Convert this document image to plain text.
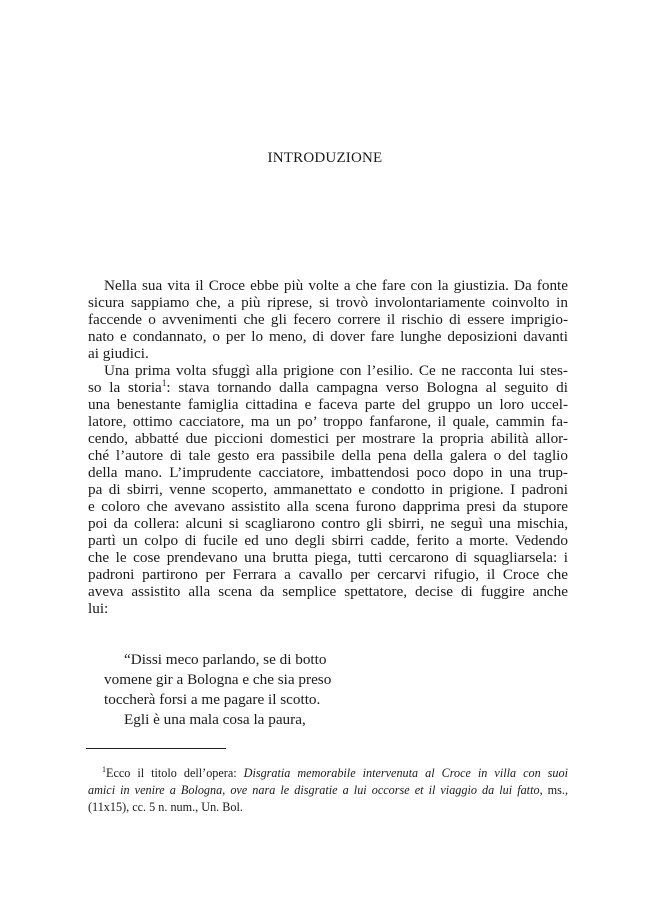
INTRODUZIONE

Nella sua vita il Croce ebbe più volte a che fare con la giustizia. Da fonte
sicura sappiamo che, a più riprese, si trovò involontariamente coinvolto in
faccende o avvenimenti che gli fecero correre il rischio di essere imprigio-
nato e condannato, o per lo meno, di dover fare lunghe deposizioni davanti
ai giudici.

Una prima volta sfuggì alla prigione con l’esilio. Ce ne racconta lui stes-
so la storia$^1$: stava tornando dalla campagna verso Bologna al seguito di
una benestante famiglia cittadina e faceva parte del gruppo un loro uccel-
latore, ottimo cacciatore, ma un po’ troppo fanfarone, il quale, cammin fa-
cendo, abbatté due piccioni domestici per mostrare la propria abilità allor-
ché l’autore di tale gesto era passibile della pena della galera o del taglio
della mano. L’imprudente cacciatore, imbattendosi poco dopo in una trup-
pa di sbirri, venne scoperto, ammanettato e condotto in prigione. I padroni
e coloro che avevano assistito alla scena furono dapprima presi da stupore
poi da collera: alcuni si scagliarono contro gli sbirri, ne seguì una mischia,
partì un colpo di fucile ed uno degli sbirri cadde, ferito a morte. Vedendo
che le cose prendevano una brutta piega, tutti cercarono di squagliarsela: i
padroni partirono per Ferrara a cavallo per cercarvi rifugio, il Croce che
aveva assistito alla scena da semplice spettatore, decise di fuggire anche
lui:

“Dissi meco parlando, se di botto
vomene gir a Bologna e che sia preso
toccherà forsi a me pagare il scotto.
Egli è una mala cosa la paura,
$^1$Ecco il titolo dell’opera: Disgratia memorabile intervenuta al Croce in villa con suoi
amici in venire a Bologna, ove nara le disgratie a lui occorse et il viaggio da lui fatto, ms.,
(11x15), cc. 5 n. num., Un. Bol.
